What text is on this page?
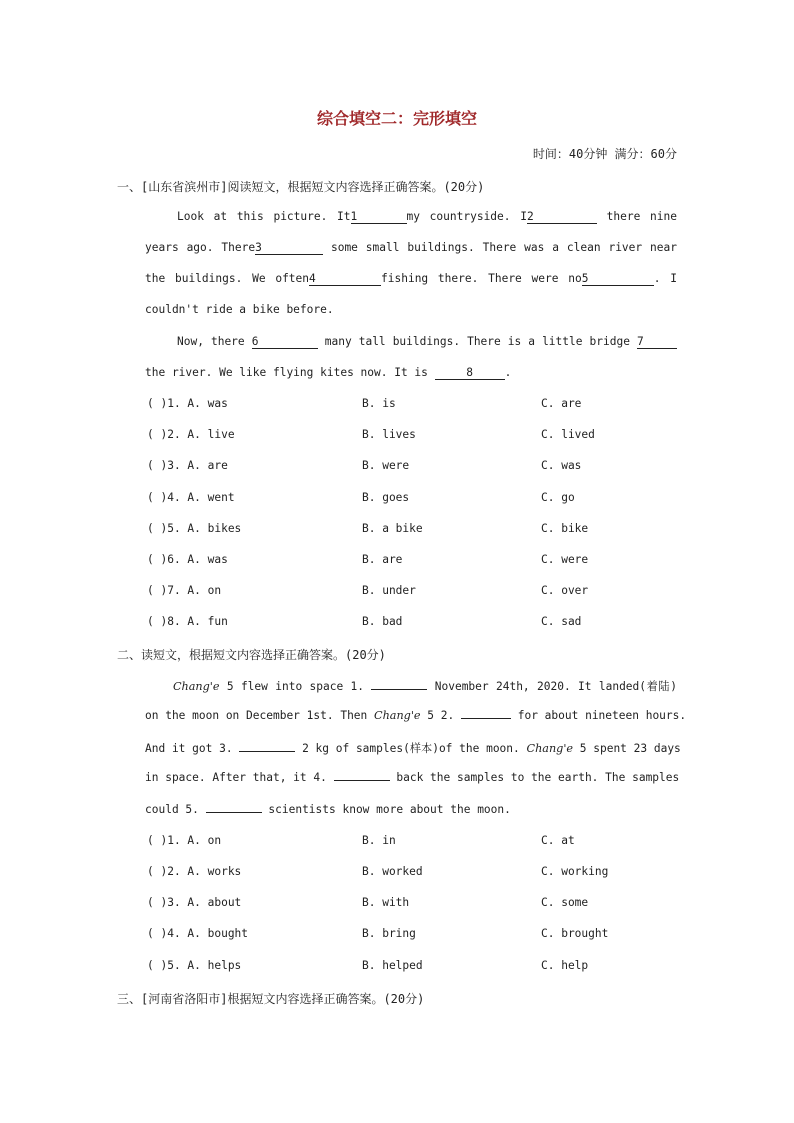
综合填空二：完形填空
时间：40分钟 满分：60分
一、[山东省滨州市]阅读短文，根据短文内容选择正确答案。(20分)
Look at this picture. It1	my countryside. I2	there nine
years ago. There3	some small buildings. There was a clean river near
the buildings. We often4	fishing there. There were no5	. I
couldn't ride a bike before.
Now, there 6	many tall buildings. There is a little bridge 7
the river. We like flying kites now. It is	8	.
( )1. A. was	B. is	C. are
( )2. A. live	B. lives	C. lived
( )3. A. are	B. were	C. was
( )4. A. went	B. goes	C. go
( )5. A. bikes	B. a bike	C. bike
( )6. A. was	B. are	C. were
( )7. A. on	B. under	C. over
( )8. A. fun	B. bad	C. sad
二、读短文，根据短文内容选择正确答案。(20分)
Chang'e 5 flew into space 1.	November 24th, 2020. It landed(着陆)
on the moon on December 1st. Then Chang'e 5 2.	for about nineteen hours.
And it got 3.	2 kg of samples(样本)of the moon. Chang'e 5 spent 23 days
in space. After that, it 4.	back the samples to the earth. The samples
could 5.	scientists know more about the moon.
( )1. A. on	B. in	C. at
( )2. A. works	B. worked	C. working
( )3. A. about	B. with	C. some
( )4. A. bought	B. bring	C. brought
( )5. A. helps	B. helped	C. help
三、[河南省洛阳市]根据短文内容选择正确答案。(20分)
